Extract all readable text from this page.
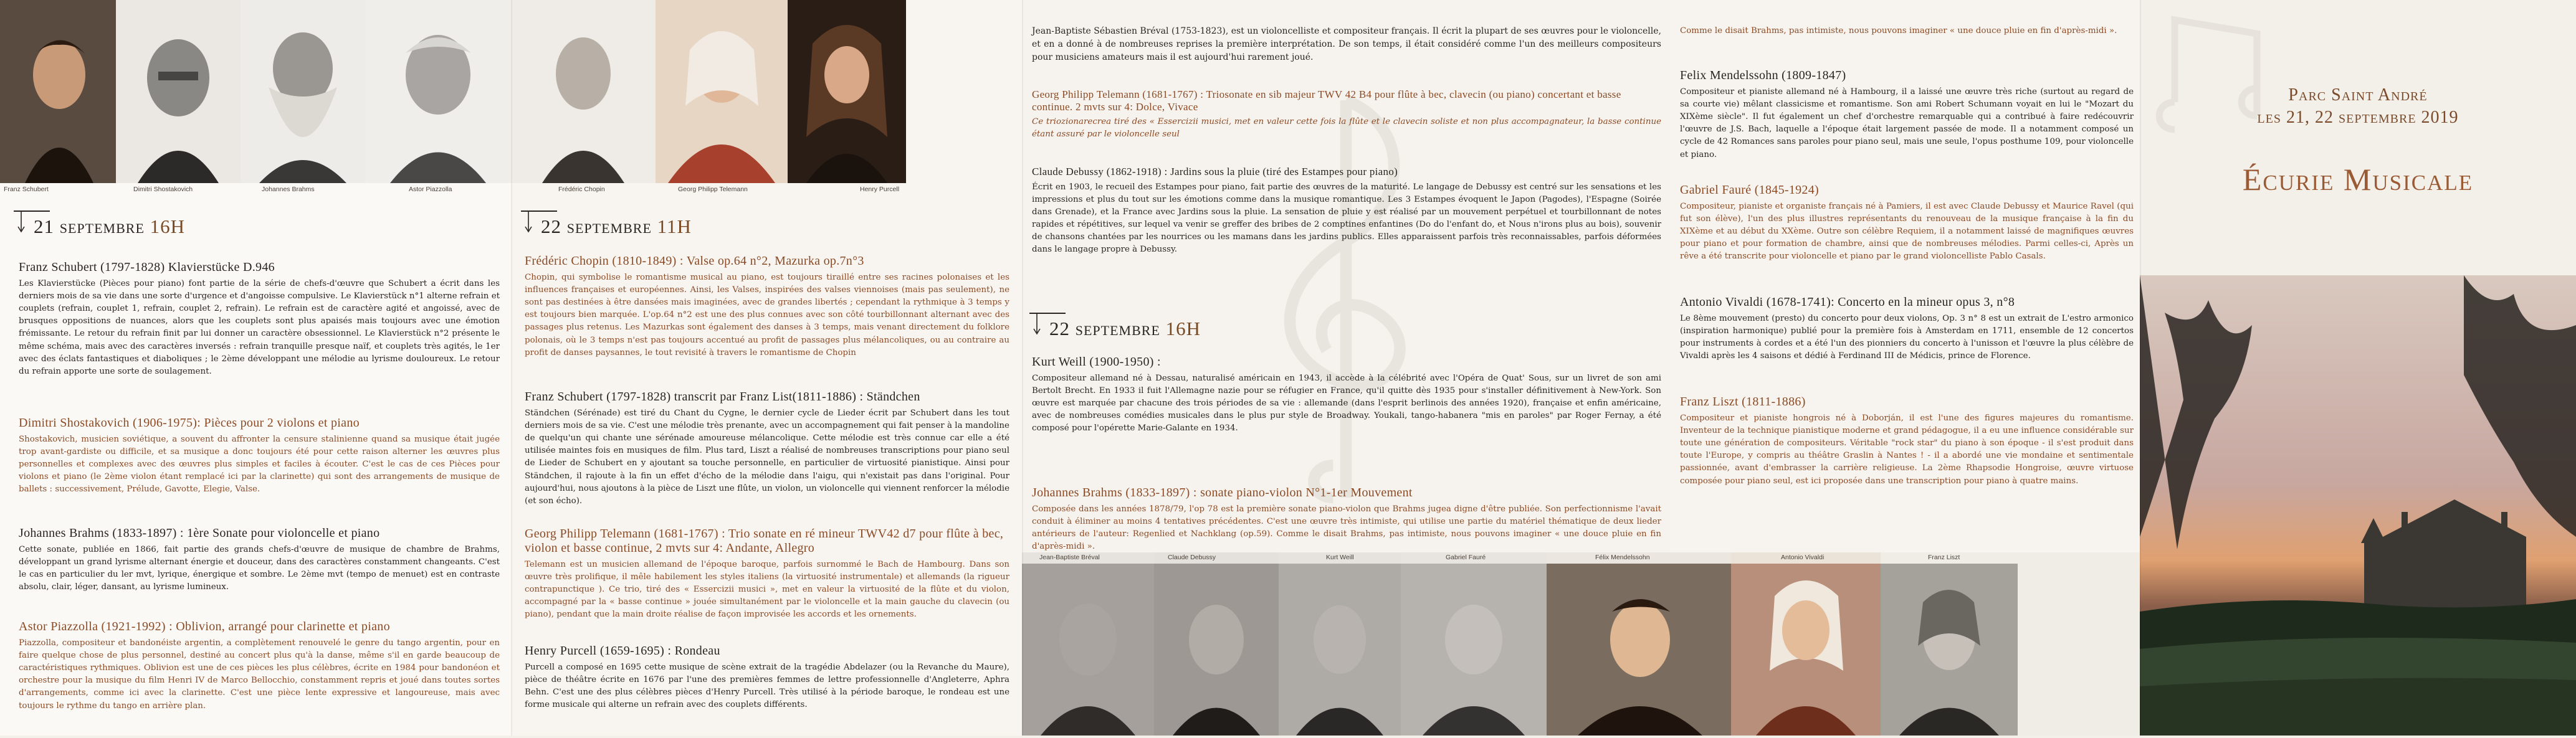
Franz Schubert	Dimitri Shostakovich	Johannes Brahms	Astor Piazzolla
21 septembre 16H
Franz Schubert (1797-1828) Klavierstücke D.946

Les Klavierstücke (Pièces pour piano) font partie de la série de chefs-d'œuvre que Schubert a écrit dans les derniers mois de sa vie dans une sorte d'urgence et d'angoisse compulsive. Le Klavierstück n°1 alterne refrain et couplets (refrain, couplet 1, refrain, couplet 2, refrain). Le refrain est de caractère agité et angoissé, avec de brusques oppositions de nuances, alors que les couplets sont plus apaisés mais toujours avec une émotion frémissante. Le retour du refrain finit par lui donner un caractère obsessionnel. Le Klavierstück n°2 présente le même schéma, mais avec des caractères inversés : refrain tranquille presque naïf, et couplets très agités, le 1er avec des éclats fantastiques et diaboliques ; le 2ème développant une mélodie au lyrisme douloureux. Le retour du refrain apporte une sorte de soulagement.

Dimitri Shostakovich (1906-1975): Pièces pour 2 violons et piano

Shostakovich, musicien soviétique, a souvent du affronter la censure stalinienne quand sa musique était jugée trop avant-gardiste ou difficile, et sa musique a donc toujours été pour cette raison alterner les œuvres plus personnelles et complexes avec des œuvres plus simples et faciles à écouter. C'est le cas de ces Pièces pour violons et piano (le 2ème violon étant remplacé ici par la clarinette) qui sont des arrangements de musique de ballets : successivement, Prélude, Gavotte, Elegie, Valse.

Johannes Brahms (1833-1897) : 1ère Sonate pour violoncelle et piano

Cette sonate, publiée en 1866, fait partie des grands chefs-d'œuvre de musique de chambre de Brahms, développant un grand lyrisme alternant énergie et douceur, dans des caractères constamment changeants. C'est le cas en particulier du ler mvt, lyrique, énergique et sombre. Le 2ème mvt (tempo de menuet) est en contraste absolu, clair, léger, dansant, au lyrisme lumineux.

Astor Piazzolla (1921-1992) : Oblivion, arrangé pour clarinette et piano

Piazzolla, compositeur et bandonéiste argentin, a complètement renouvelé le genre du tango argentin, pour en faire quelque chose de plus personnel, destiné au concert plus qu'à la danse, même s'il en garde beaucoup de caractéristiques rythmiques. Oblivion est une de ces pièces les plus célèbres, écrite en 1984 pour bandonéon et orchestre pour la musique du film Henri IV de Marco Bellocchio, constamment repris et joué dans toutes sortes d'arrangements, comme ici avec la clarinette. C'est une pièce lente expressive et langoureuse, mais avec toujours le rythme du tango en arrière plan.

Frédéric Chopin	Georg Philipp Telemann	Henry Purcell
22 septembre 11H
Frédéric Chopin (1810-1849) : Valse op.64 n°2, Mazurka op.7n°3

Chopin, qui symbolise le romantisme musical au piano, est toujours tiraillé entre ses racines polonaises et les influences françaises et européennes. Ainsi, les Valses, inspirées des valses viennoises (mais pas seulement), ne sont pas destinées à être dansées mais imaginées, avec de grandes libertés ; cependant la rythmique à 3 temps y est toujours bien marquée. L'op.64 n°2 est une des plus connues avec son côté tourbillonnant alternant avec des passages plus retenus. Les Mazurkas sont également des danses à 3 temps, mais venant directement du folklore polonais, où le 3 temps n'est pas toujours accentué au profit de passages plus mélancoliques, ou au contraire au profit de danses paysannes, le tout revisité à travers le romantisme de Chopin

Franz Schubert (1797-1828) transcrit par Franz List(1811-1886) : Ständchen

Ständchen (Sérénade) est tiré du Chant du Cygne, le dernier cycle de Lieder écrit par Schubert dans les tout derniers mois de sa vie. C'est une mélodie très prenante, avec un accompagnement qui fait penser à la mandoline de quelqu'un qui chante une sérénade amoureuse mélancolique. Cette mélodie est très connue car elle a été utilisée maintes fois en musiques de film. Plus tard, Liszt a réalisé de nombreuses transcriptions pour piano seul de Lieder de Schubert en y ajoutant sa touche personnelle, en particulier de virtuosité pianistique. Ainsi pour Ständchen, il rajoute à la fin un effet d'écho de la mélodie dans l'aigu, qui n'existait pas dans l'original. Pour aujourd'hui, nous ajoutons à la pièce de Liszt une flûte, un violon, un violoncelle qui viennent renforcer la mélodie (et son écho).

Georg Philipp Telemann (1681-1767) : Trio sonate en ré mineur TWV42 d7 pour flûte à bec, violon et basse continue, 2 mvts sur 4: Andante, Allegro

Telemann est un musicien allemand de l'époque baroque, parfois surnommé le Bach de Hambourg. Dans son œuvre très prolifique, il mêle habilement les styles italiens (la virtuosité instrumentale) et allemands (la rigueur contrapunctique ). Ce trio, tiré des « Essercizii musici », met en valeur la virtuosité de la flûte et du violon, accompagné par la « basse continue » jouée simultanément par le violoncelle et la main gauche du clavecin (ou piano), pendant que la main droite réalise de façon improvisée les accords et les ornements.

Henry Purcell (1659-1695) : Rondeau

Purcell a composé en 1695 cette musique de scène extrait de la tragédie Abdelazer (ou la Revanche du Maure), pièce de théâtre écrite en 1676 par l'une des premières femmes de lettre professionnelle d'Angleterre, Aphra Behn. C'est une des plus célèbres pièces d'Henry Purcell. Très utilisé à la période baroque, le rondeau est une forme musicale qui alterne un refrain avec des couplets différents.

Jean-Baptiste Sébastien Bréval (1753-1823), est un violoncelliste et compositeur français. Il écrit la plupart de ses œuvres pour le violoncelle, et en a donné à de nombreuses reprises la première interprétation. De son temps, il était considéré comme l'un des meilleurs compositeurs pour musiciens amateurs mais il est aujourd'hui rarement joué.

Georg Philipp Telemann (1681-1767) : Triosonate en sib majeur TWV 42 B4 pour flûte à bec, clavecin (ou piano) concertant et basse continue. 2 mvts sur 4: Dolce, Vivace

Ce triozionarecrea tiré des « Essercizii musici, met en valeur cette fois la flûte et le clavecin soliste et non plus accompagnateur, la basse continue étant assuré par le violoncelle seul

Claude Debussy (1862-1918) : Jardins sous la pluie (tiré des Estampes pour piano)

Écrit en 1903, le recueil des Estampes pour piano, fait partie des œuvres de la maturité. Le langage de Debussy est centré sur les sensations et les impressions et plus du tout sur les émotions comme dans la musique romantique. Les 3 Estampes évoquent le Japon (Pagodes), l'Espagne (Soirée dans Grenade), et la France avec Jardins sous la pluie. La sensation de pluie y est réalisé par un mouvement perpétuel et tourbillonnant de notes rapides et répétitives, sur lequel va venir se greffer des bribes de 2 comptines enfantines (Do do l'enfant do, et Nous n'irons plus au bois), souvenir de chansons chantées par les nourrices ou les mamans dans les jardins publics. Elles apparaissent parfois très reconnaissables, parfois déformées dans le langage propre à Debussy.

22 septembre 16H
Kurt Weill (1900-1950) :

Compositeur allemand né à Dessau, naturalisé américain en 1943, il accède à la célébrité avec l'Opéra de Quat' Sous, sur un livret de son ami Bertolt Brecht. En 1933 il fuit l'Allemagne nazie pour se réfugier en France, qu'il quitte dès 1935 pour s'installer définitivement à New-York. Son œuvre est marquée par chacune des trois périodes de sa vie : allemande (dans l'esprit berlinois des années 1920), française et enfin américaine, avec de nombreuses comédies musicales dans le plus pur style de Broadway. Youkali, tango-habanera "mis en paroles" par Roger Fernay, a été composé pour l'opérette Marie-Galante en 1934.

Johannes Brahms (1833-1897) : sonate piano-violon N°1-1er Mouvement

Composée dans les années 1878/79, l'op 78 est la première sonate piano-violon que Brahms jugea digne d'être publiée. Son perfectionnisme l'avait conduit à éliminer au moins 4 tentatives précédentes. C'est une œuvre très intimiste, qui utilise une partie du matériel thématique de deux lieder antérieurs de l'auteur: Regenlied et Nachklang (op.59). Comme le disait Brahms, pas intimiste, nous pouvons imaginer « une douce pluie en fin d'après-midi ».

Comme le disait Brahms, pas intimiste, nous pouvons imaginer « une douce pluie en fin d'après-midi ».

Felix Mendelssohn (1809-1847)

Compositeur et pianiste allemand né à Hambourg, il a laissé une œuvre très riche (surtout au regard de sa courte vie) mêlant classicisme et romantisme. Son ami Robert Schumann voyait en lui le "Mozart du XIXème siècle". Il fut également un chef d'orchestre remarquable qui a contribué à faire redécouvrir l'œuvre de J.S. Bach, laquelle a l'époque était largement passée de mode. Il a notamment composé un cycle de 42 Romances sans paroles pour piano seul, mais une seule, l'opus posthume 109, pour violoncelle et piano.

Gabriel Fauré (1845-1924)

Compositeur, pianiste et organiste français né à Pamiers, il est avec Claude Debussy et Maurice Ravel (qui fut son élève), l'un des plus illustres représentants du renouveau de la musique française à la fin du XIXème et au début du XXème. Outre son célèbre Requiem, il a notamment laissé de magnifiques œuvres pour piano et pour formation de chambre, ainsi que de nombreuses mélodies. Parmi celles-ci, Après un rêve a été transcrite pour violoncelle et piano par le grand violoncelliste Pablo Casals.

Antonio Vivaldi (1678-1741): Concerto en la mineur opus 3, n°8

Le 8ème mouvement (presto) du concerto pour deux violons, Op. 3 n° 8 est un extrait de L'estro armonico (inspiration harmonique) publié pour la première fois à Amsterdam en 1711, ensemble de 12 concertos pour instruments à cordes et a été l'un des pionniers du concerto à l'unisson et l'œuvre la plus célèbre de Vivaldi après les 4 saisons et dédié à Ferdinand III de Médicis, prince de Florence.

Franz Liszt (1811-1886)

Compositeur et pianiste hongrois né à Doborján, il est l'une des figures majeures du romantisme. Inventeur de la technique pianistique moderne et grand pédagogue, il a eu une influence considérable sur toute une génération de compositeurs. Véritable "rock star" du piano à son époque - il s'est produit dans toute l'Europe, y compris au théâtre Graslin à Nantes ! - il a abordé une vie mondaine et sentimentale passionnée, avant d'embrasser la carrière religieuse. La 2ème Rhapsodie Hongroise, œuvre virtuose composée pour piano seul, est ici proposée dans une transcription pour piano à quatre mains.

Jean-Baptiste Bréval	Claude Debussy	Kurt Weill	Gabriel Fauré	Félix Mendelssohn	Antonio Vivaldi	Franz Liszt
Parc Saint André
les 21, 22 septembre 2019
Écurie Musicale
